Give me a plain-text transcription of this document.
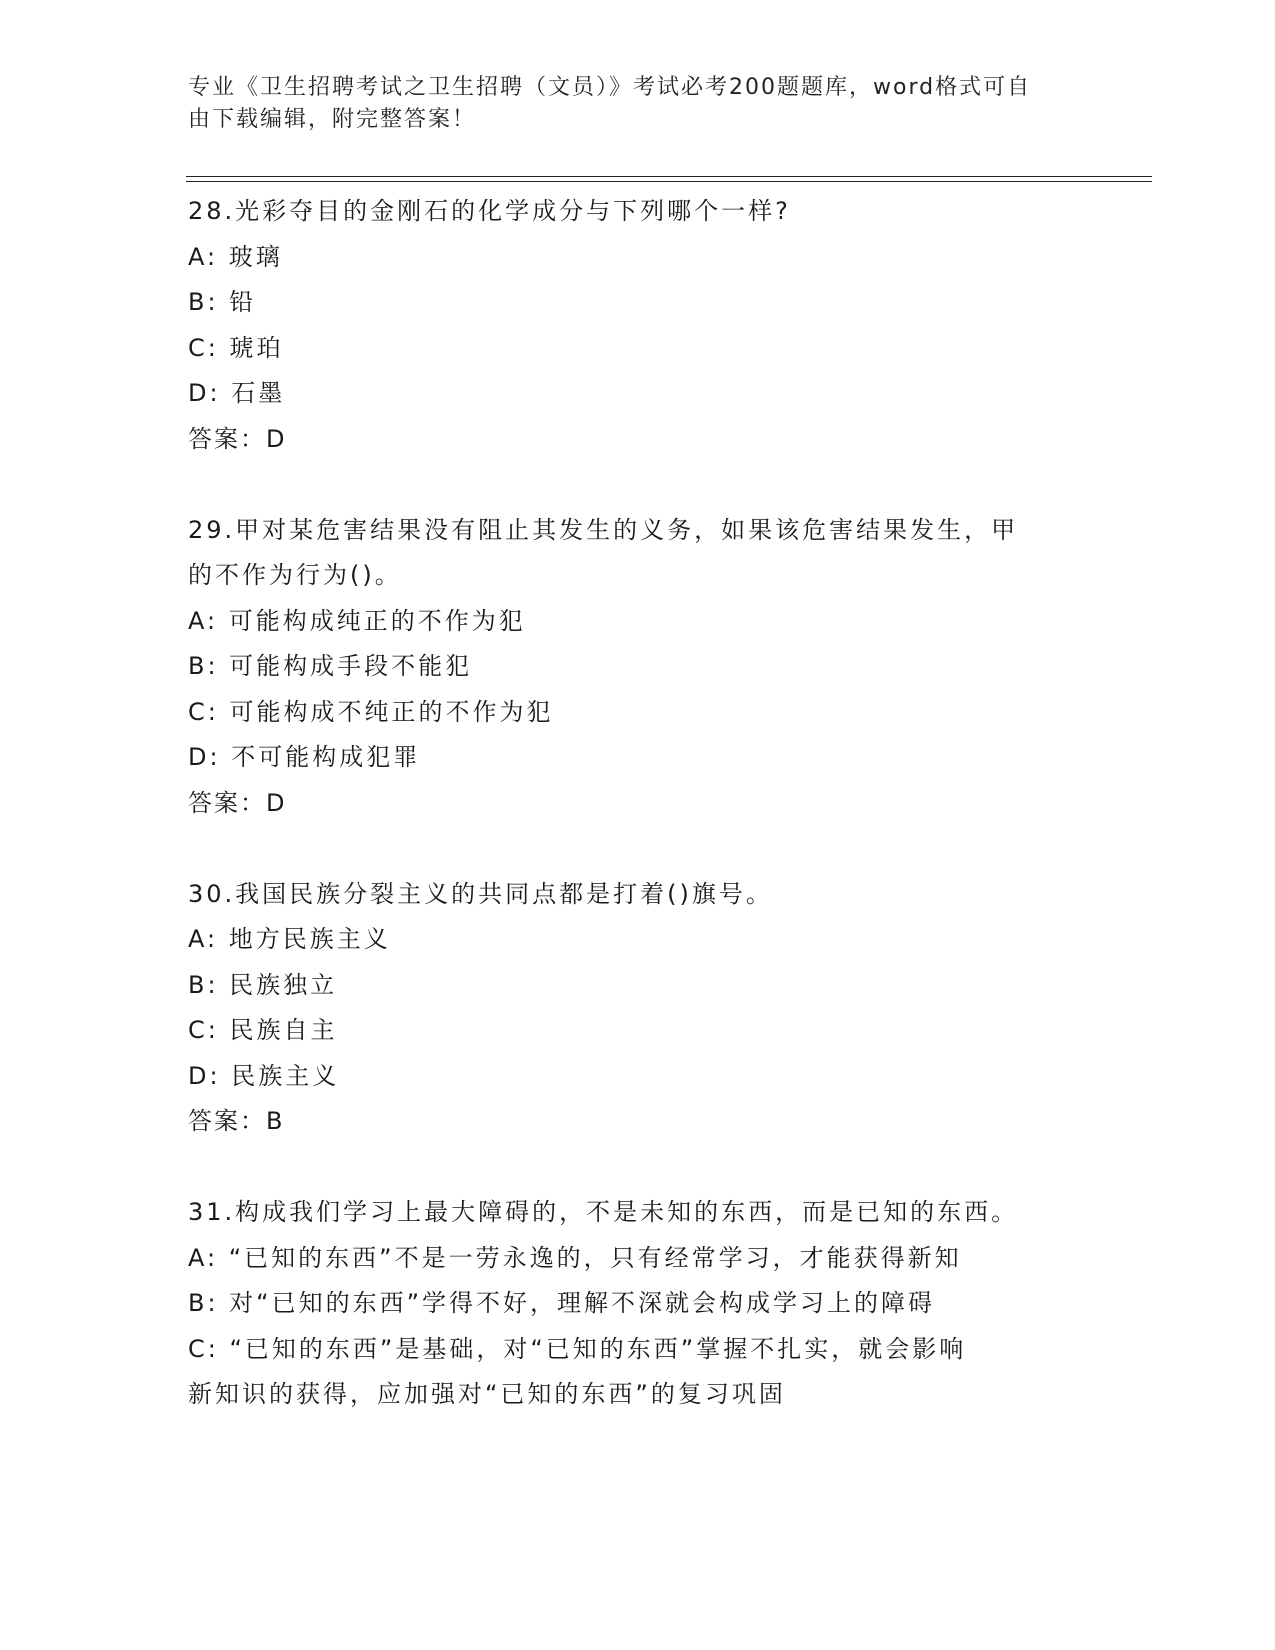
专业《卫生招聘考试之卫生招聘（文员）》考试必考200题题库，word格式可自
由下载编辑，附完整答案！
28.光彩夺目的金刚石的化学成分与下列哪个一样?
A: 玻璃
B: 铅
C: 琥珀
D: 石墨
答案：D
29.甲对某危害结果没有阻止其发生的义务，如果该危害结果发生，甲
的不作为行为()。
A: 可能构成纯正的不作为犯
B: 可能构成手段不能犯
C: 可能构成不纯正的不作为犯
D: 不可能构成犯罪
答案：D
30.我国民族分裂主义的共同点都是打着()旗号。
A: 地方民族主义
B: 民族独立
C: 民族自主
D: 民族主义
答案：B
31.构成我们学习上最大障碍的，不是未知的东西，而是已知的东西。
A: “已知的东西”不是一劳永逸的，只有经常学习，才能获得新知
B: 对“已知的东西”学得不好，理解不深就会构成学习上的障碍
C: “已知的东西”是基础，对“已知的东西”掌握不扎实，就会影响
新知识的获得，应加强对“已知的东西”的复习巩固
